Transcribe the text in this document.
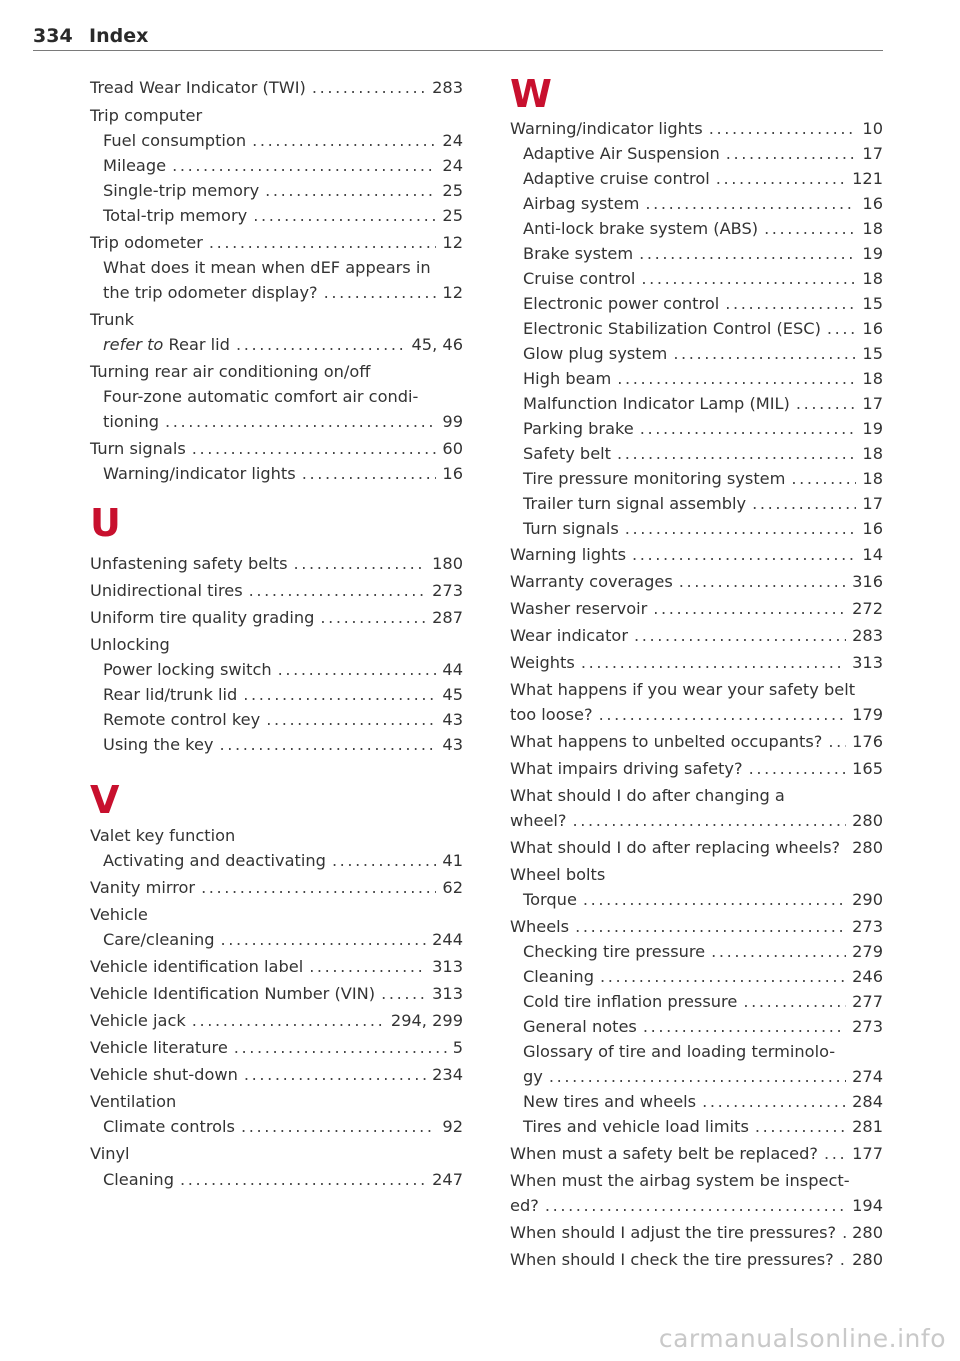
334 Index
U
V
Tread Wear Indicator (TWI) .....	283
Trip computer
Fuel consumption .....	24
Mileage .....	24
Single-trip memory .....	25
Total-trip memory .....	25
Trip odometer .....	12
What does it mean when dEF appears in
the trip odometer display? .....	12
Trunk
refer to Rear lid .....	45, 46
Turning rear air conditioning on/off
Four-zone automatic comfort air condi-
tioning .....	99
Turn signals .....	60
Warning/indicator lights .....	16
Unfastening safety belts .....	180
Unidirectional tires .....	273
Uniform tire quality grading .....	287
Unlocking
Power locking switch .....	44
Rear lid/trunk lid .....	45
Remote control key .....	43
Using the key .....	43
Valet key function
Activating and deactivating .....	41
Vanity mirror .....	62
Vehicle
Care/cleaning .....	244
Vehicle identification label .....	313
Vehicle Identification Number (VIN) .....	313
Vehicle jack .....	294, 299
Vehicle literature .....	5
Vehicle shut-down .....	234
Ventilation
Climate controls .....	92
Vinyl
Cleaning .....	247
W
Warning/indicator lights .....	10
Adaptive Air Suspension .....	17
Adaptive cruise control .....	121
Airbag system .....	16
Anti-lock brake system (ABS) .....	18
Brake system .....	19
Cruise control .....	18
Electronic power control .....	15
Electronic Stabilization Control (ESC) .....	16
Glow plug system .....	15
High beam .....	18
Malfunction Indicator Lamp (MIL) .....	17
Parking brake .....	19
Safety belt .....	18
Tire pressure monitoring system .....	18
Trailer turn signal assembly .....	17
Turn signals .....	16
Warning lights .....	14
Warranty coverages .....	316
Washer reservoir .....	272
Wear indicator .....	283
Weights .....	313
What happens if you wear your safety belt
too loose? .....	179
What happens to unbelted occupants? ..... 176
What impairs driving safety? .....	165
What should I do after changing a
wheel? .....	280
What should I do after replacing wheels? 280
Wheel bolts
Torque .....	290
Wheels .....	273
Checking tire pressure .....	279
Cleaning .....	246
Cold tire inflation pressure .....	277
General notes .....	273
Glossary of tire and loading terminolo-
gy .....	274
New tires and wheels .....	284
Tires and vehicle load limits .....	281
When must a safety belt be replaced? ..... 177
When must the airbag system be inspect-
ed? .....	194
When should I adjust the tire pressures? ..... 280
When should I check the tire pressures? ..... 280
carmanualsonline.info
